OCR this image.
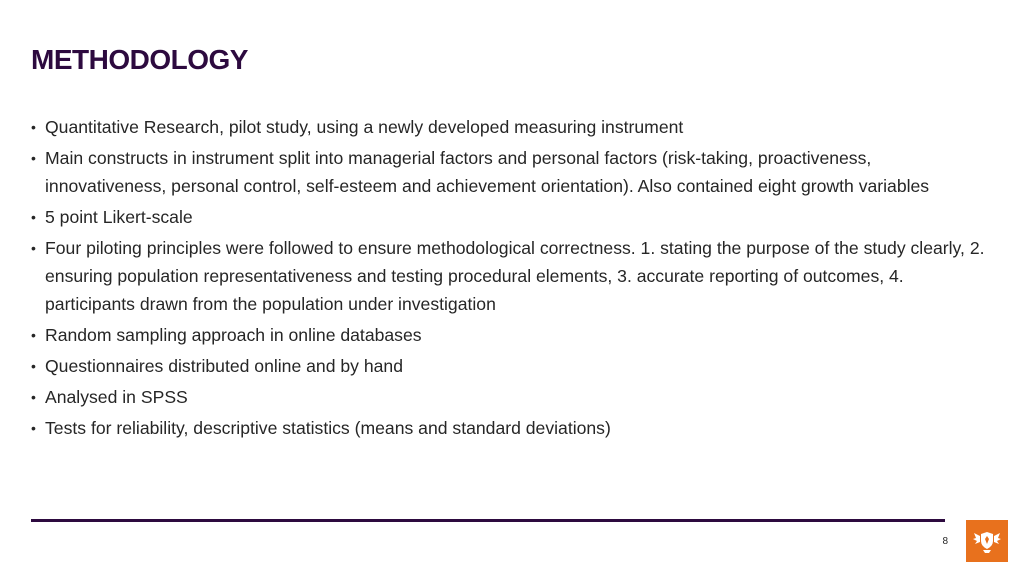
METHODOLOGY
• Quantitative Research, pilot study, using a newly developed measuring instrument
• Main constructs in instrument split into managerial factors and personal factors (risk-taking, proactiveness, innovativeness, personal control, self-esteem and achievement orientation). Also contained eight growth variables
• 5 point Likert-scale
• Four piloting principles were followed to ensure methodological correctness. 1. stating the purpose of the study clearly, 2. ensuring population representativeness and testing procedural elements, 3. accurate reporting of outcomes, 4. participants drawn from the population under investigation
• Random sampling approach in online databases
• Questionnaires distributed online and by hand
• Analysed in SPSS
• Tests for reliability, descriptive statistics (means and standard deviations)
8
